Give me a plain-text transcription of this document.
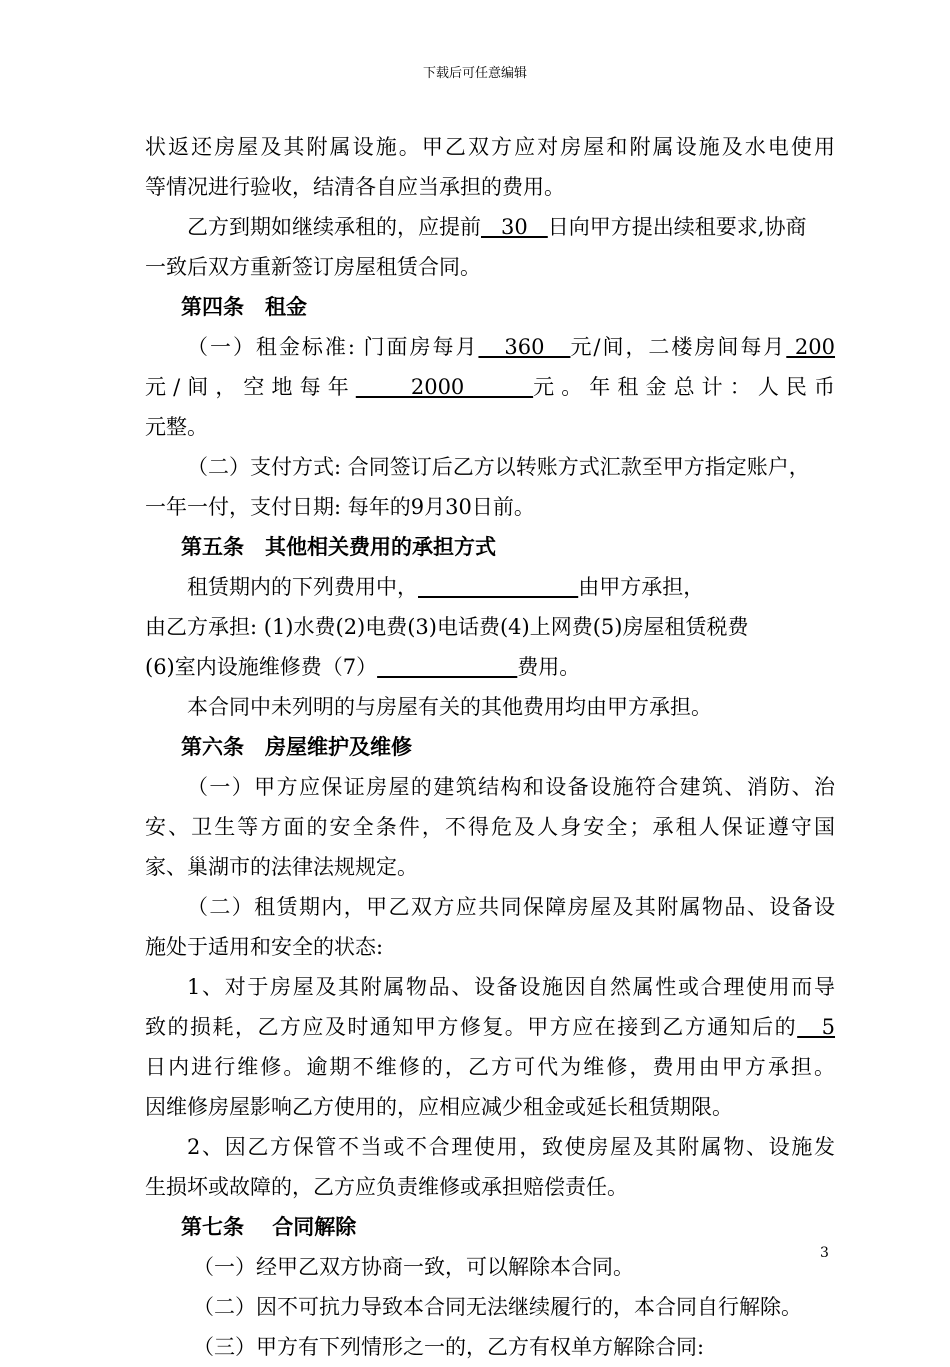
下载后可任意编辑
状返还房屋及其附属设施。甲乙双方应对房屋和附属设施及水电使用
等情况进行验收，结清各自应当承担的费用。
乙方到期如继续承租的，应提前   30   日向甲方提出续租要求,协商
一致后双方重新签订房屋租赁合同。
第四条　租金
（一）租金标准: 门面房每月   360   元/间，二楼房间每月 200
元/间，空地每年    2000     元。年租金总计：人民币
元整。
（二）支付方式: 合同签订后乙方以转账方式汇款至甲方指定账户，
一年一付，支付日期: 每年的9月30日前。
第五条　其他相关费用的承担方式
租赁期内的下列费用中，	由甲方承担，
由乙方承担: (1)水费(2)电费(3)电话费(4)上网费(5)房屋租赁税费
(6)室内设施维修费（7）	费用。
本合同中未列明的与房屋有关的其他费用均由甲方承担。
第六条　房屋维护及维修
（一）甲方应保证房屋的建筑结构和设备设施符合建筑、消防、治
安、卫生等方面的安全条件，不得危及人身安全；承租人保证遵守国
家、巢湖市的法律法规规定。
（二）租赁期内，甲乙双方应共同保障房屋及其附属物品、设备设
施处于适用和安全的状态:
1、对于房屋及其附属物品、设备设施因自然属性或合理使用而导
致的损耗，乙方应及时通知甲方修复。甲方应在接到乙方通知后的   5
日内进行维修。逾期不维修的，乙方可代为维修，费用由甲方承担。
因维修房屋影响乙方使用的，应相应减少租金或延长租赁期限。
2、因乙方保管不当或不合理使用，致使房屋及其附属物、设施发
生损坏或故障的，乙方应负责维修或承担赔偿责任。
第七条　 合同解除
（一）经甲乙双方协商一致，可以解除本合同。
（二）因不可抗力导致本合同无法继续履行的，本合同自行解除。
（三）甲方有下列情形之一的，乙方有权单方解除合同:
3
